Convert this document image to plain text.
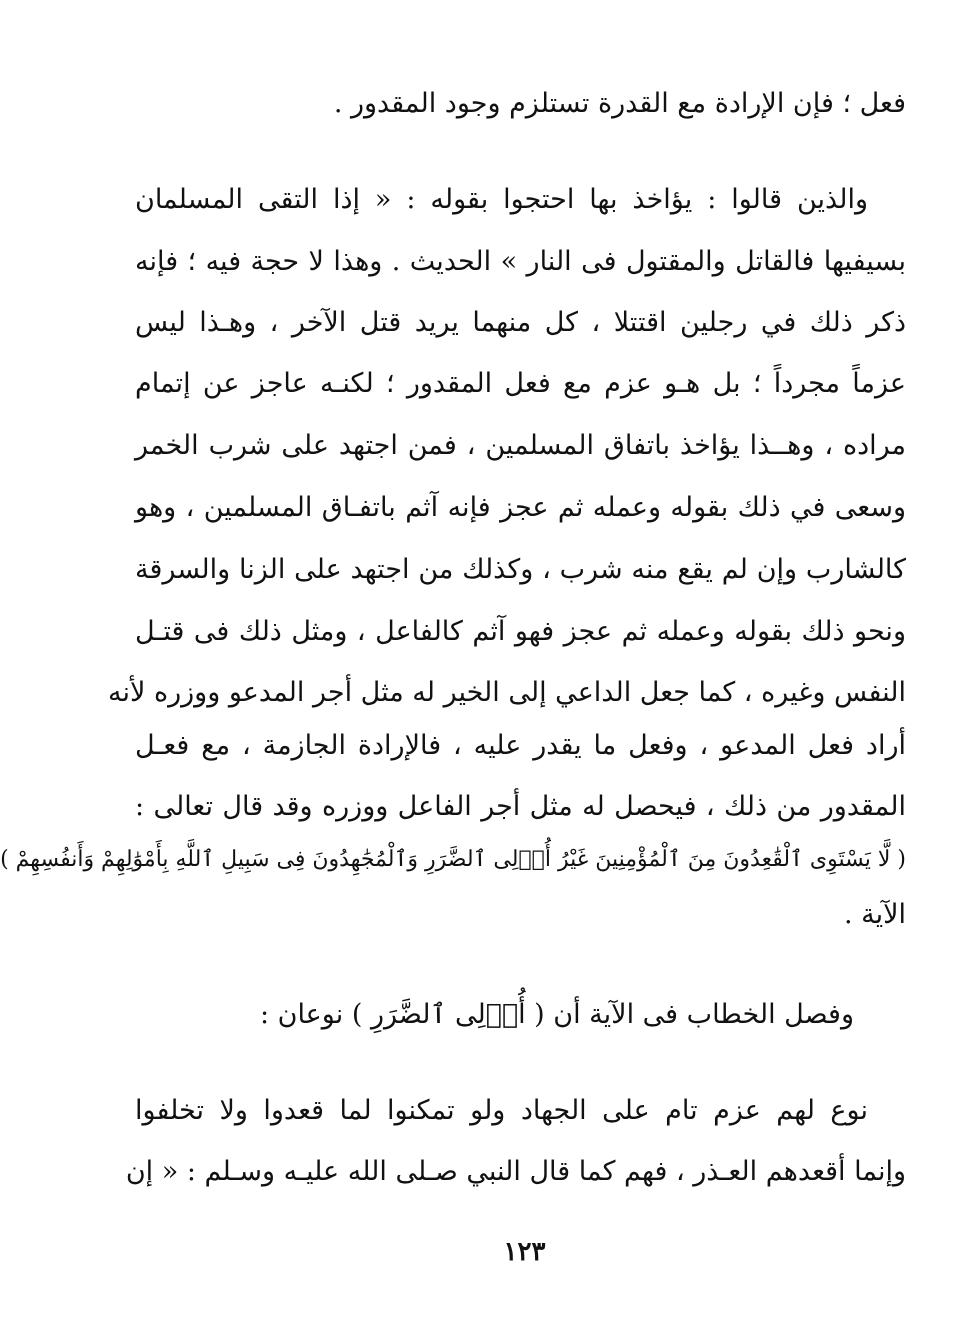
فعل ؛ فإن الإرادة مع القدرة تستلزم وجود المقدور .
والذين قالوا : يؤاخذ بها احتجوا بقوله : « إذا التقى المسلمان
بسيفيها فالقاتل والمقتول فى النار » الحديث . وهذا لا حجة فيه ؛ فإنه
ذكر ذلك في رجلين اقتتلا ، كل منهما يريد قتل الآخر ، وهـذا ليس
عزماً مجرداً ؛ بل هـو عزم مع فعل المقدور ؛ لكنـه عاجز عن إتمام
مراده ، وهــذا يؤاخذ باتفاق المسلمين ، فمن اجتهد على شرب الخمر
وسعى في ذلك بقوله وعمله ثم عجز فإنه آثم باتفـاق المسلمين ، وهو
كالشارب وإن لم يقع منه شرب ، وكذلك من اجتهد على الزنا والسرقة
ونحو ذلك بقوله وعمله ثم عجز فهو آثم كالفاعل ، ومثل ذلك فى قتـل
النفس وغيره ، كما جعل الداعي إلى الخير له مثل أجر المدعو ووزره لأنه
أراد فعل المدعو ، وفعل ما يقدر عليه ، فالإرادة الجازمة ، مع فعـل
المقدور من ذلك ، فيحصل له مثل أجر الفاعل ووزره وقد قال تعالى :
( لَّا يَسْتَوِى ٱلْقَٰعِدُونَ مِنَ ٱلْمُؤْمِنِينَ غَيْرُ أُو۟لِى ٱلضَّرَرِ وَٱلْمُجَٰهِدُونَ فِى سَبِيلِ ٱللَّهِ بِأَمْوَٰلِهِمْ وَأَنفُسِهِمْ )
الآية .
وفصل الخطاب فى الآية أن ( أُو۟لِى ٱلضَّرَرِ ) نوعان :
نوع لهم عزم تام على الجهاد ولو تمكنوا لما قعدوا ولا تخلفوا
وإنما أقعدهم العـذر ، فهم كما قال النبي صـلى الله عليـه وسـلم : « إن
١٢٣
